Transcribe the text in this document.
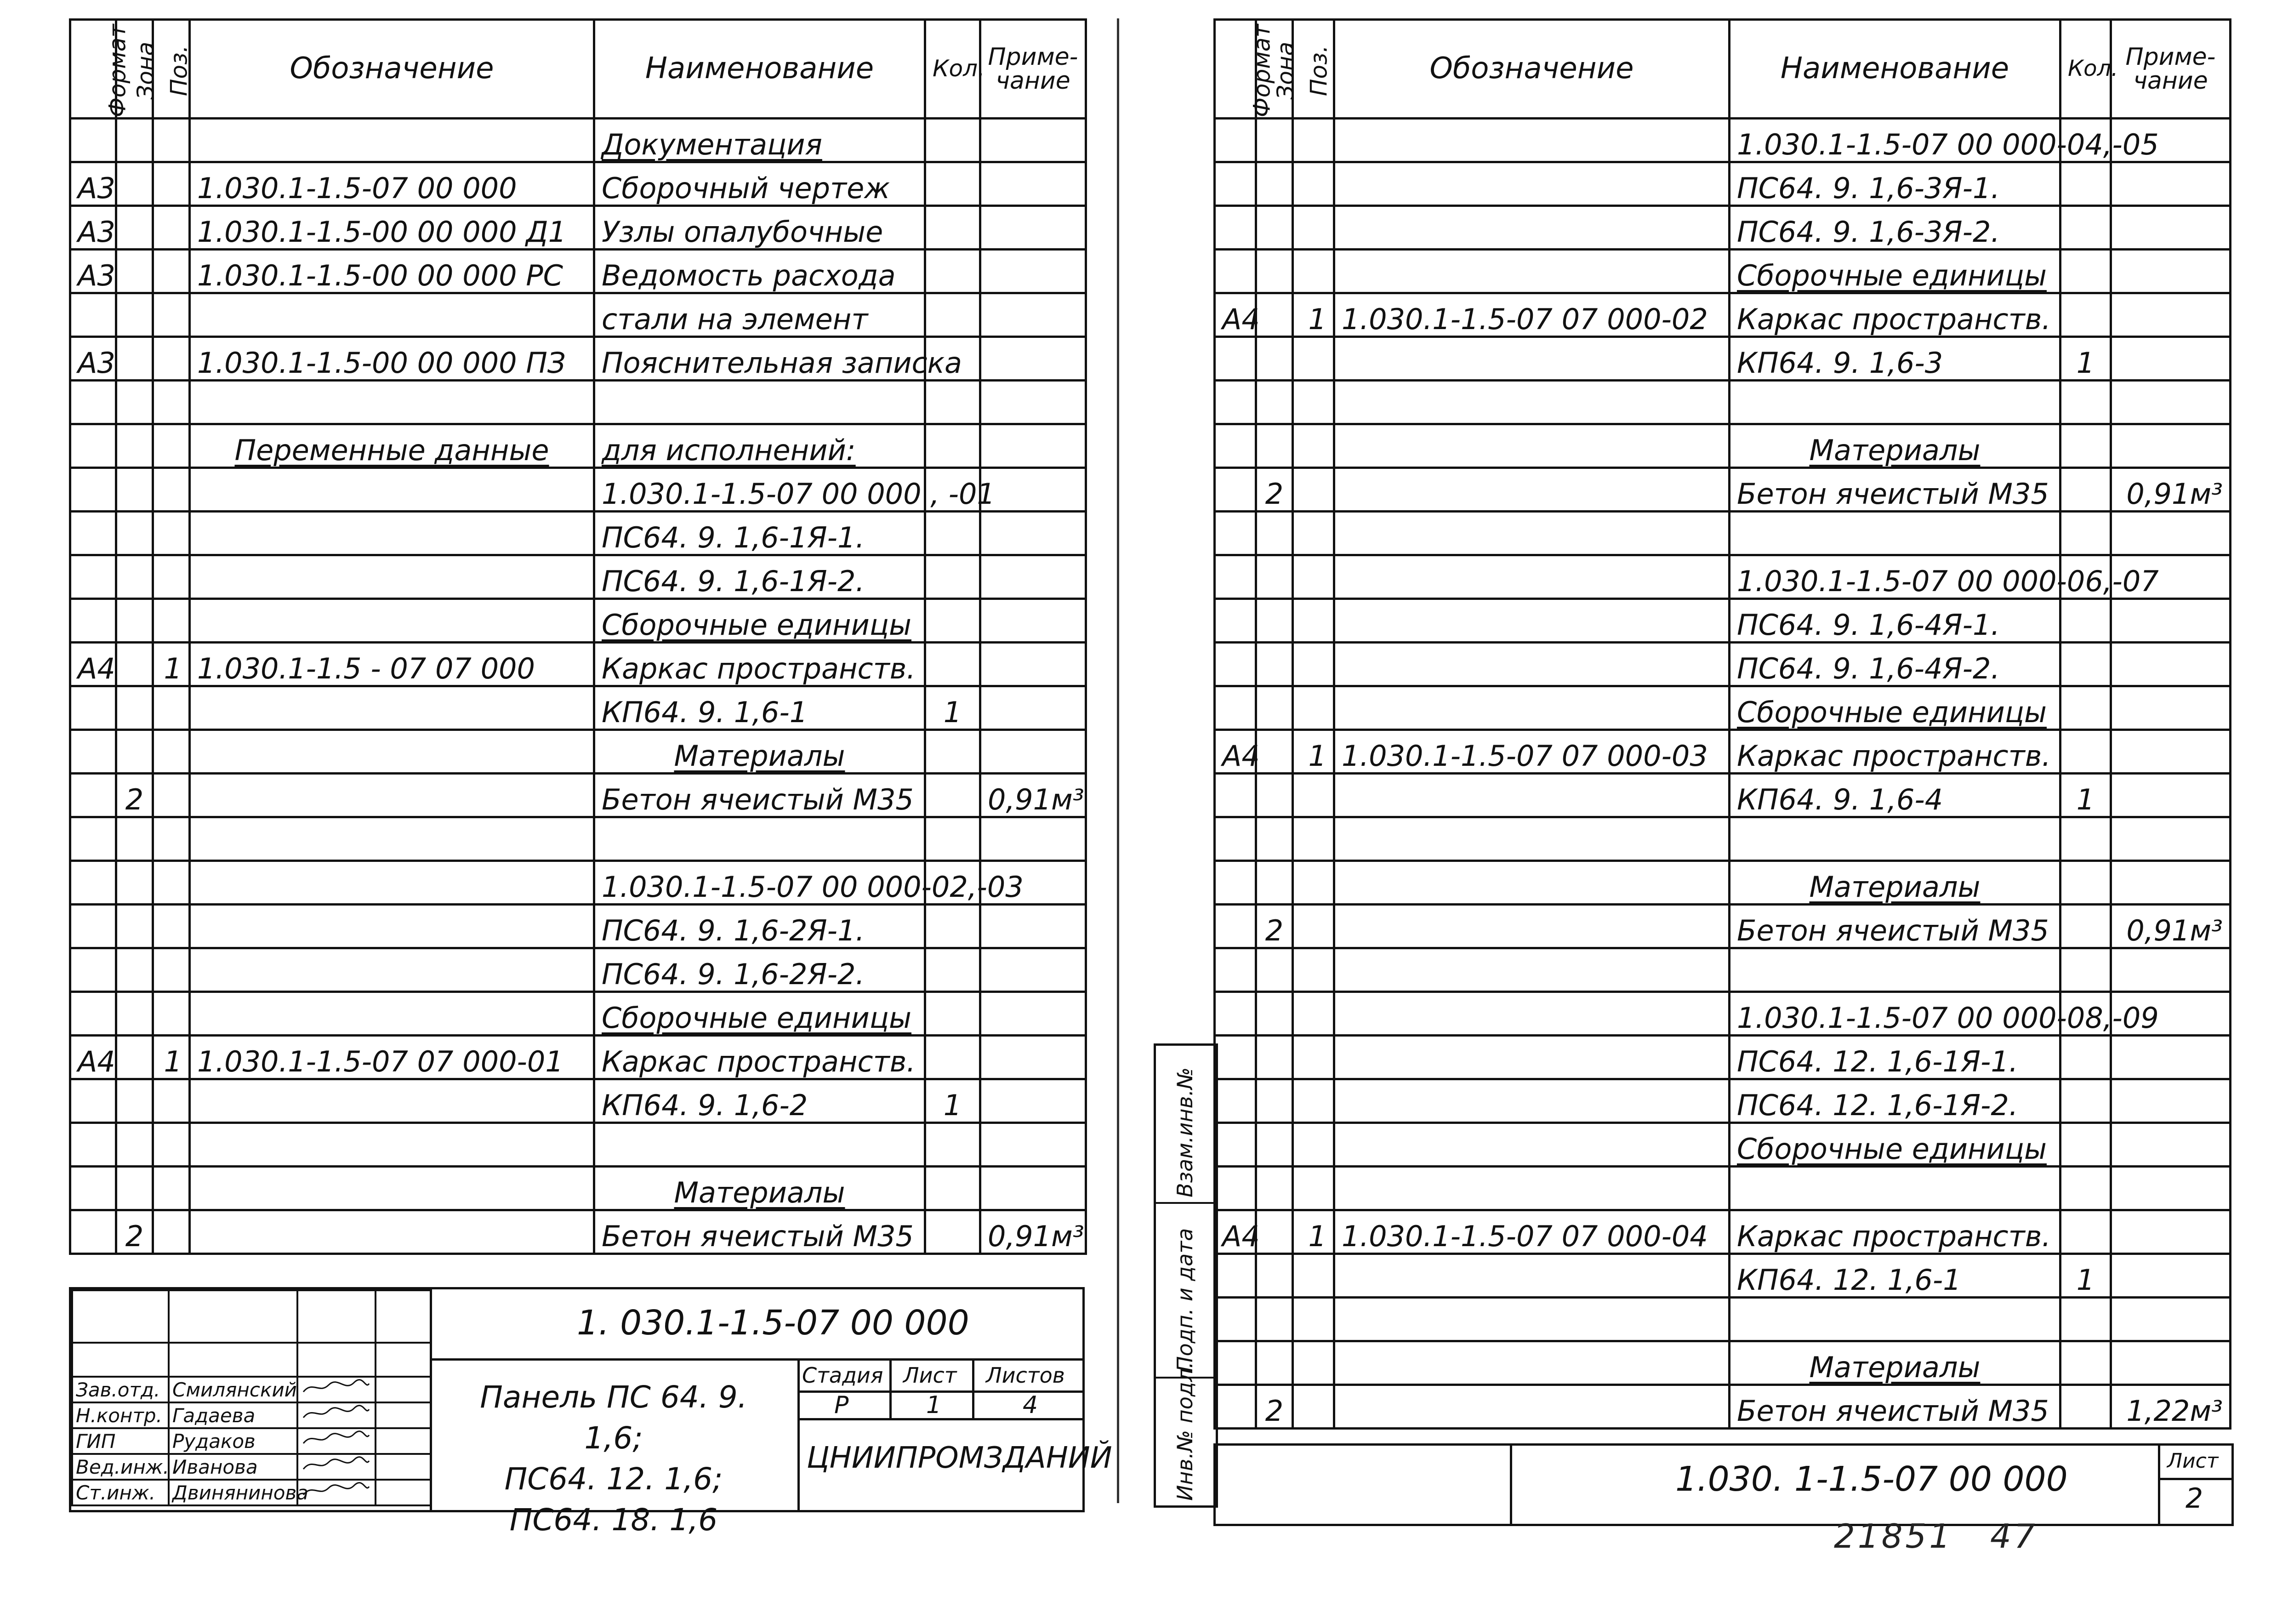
Формат	Зона	Поз.	Обозначение	Наименование	Кол.	Приме-чание
				Документация		
А3			1.030.1-1.5-07 00 000	Сборочный чертеж		
А3			1.030.1-1.5-00 00 000 Д1	Узлы опалубочные		
А3			1.030.1-1.5-00 00 000 РС	Ведомость расхода		
				стали на элемент		
А3			1.030.1-1.5-00 00 000 ПЗ	Пояснительная записка		

			Переменные данные	для исполнений:		
				1.030.1-1.5-07 00 000 , -01		
				ПС64. 9. 1,6-1Я-1.		
				ПС64. 9. 1,6-1Я-2.		
				Сборочные единицы		
А4		1	1.030.1-1.5 - 07 07 000	Каркас пространств.		
				КП64. 9. 1,6-1	1	
				Материалы		
	2			Бетон ячеистый М35		0,91м³

				1.030.1-1.5-07 00 000-02,-03		
				ПС64. 9. 1,6-2Я-1.		
				ПС64. 9. 1,6-2Я-2.		
				Сборочные единицы		
А4		1	1.030.1-1.5-07 07 000-01	Каркас пространств.		
				КП64. 9. 1,6-2	1	

				Материалы		
	2			Бетон ячеистый М35		0,91м³
1. 030.1-1.5-07 00 000
Панель ПС 64. 9. 1,6;
ПС64. 12. 1,6;
ПС64. 18. 1,6
Стадия Лист Листов
Р	1	4
ЦНИИПРОМЗДАНИЙ

Зав.отд.	Смилянский		
Н.контр.	Гадаева		
ГИП	Рудаков		
Вед.инж.	Иванова		
Ст.инж.	Двинянинова		
Формат	Зона	Поз.	Обозначение	Наименование	Кол.	Приме-чание
				1.030.1-1.5-07 00 000-04,-05		
				ПС64. 9. 1,6-3Я-1.		
				ПС64. 9. 1,6-3Я-2.		
				Сборочные единицы		
А4		1	1.030.1-1.5-07 07 000-02	Каркас пространств.		
				КП64. 9. 1,6-3	1	

				Материалы		
	2			Бетон ячеистый М35		0,91м³

				1.030.1-1.5-07 00 000-06,-07		
				ПС64. 9. 1,6-4Я-1.		
				ПС64. 9. 1,6-4Я-2.		
				Сборочные единицы		
А4		1	1.030.1-1.5-07 07 000-03	Каркас пространств.		
				КП64. 9. 1,6-4	1	

				Материалы		
	2			Бетон ячеистый М35		0,91м³

				1.030.1-1.5-07 00 000-08,-09		
				ПС64. 12. 1,6-1Я-1.		
				ПС64. 12. 1,6-1Я-2.		
				Сборочные единицы		

А4		1	1.030.1-1.5-07 07 000-04	Каркас пространств.		
				КП64. 12. 1,6-1	1	

				Материалы		
	2			Бетон ячеистый М35		1,22м³
1.030. 1-1.5-07 00 000	Лист
2
Взам.инв.№
Подп. и дата
Инв.№ подл.
21851 47
